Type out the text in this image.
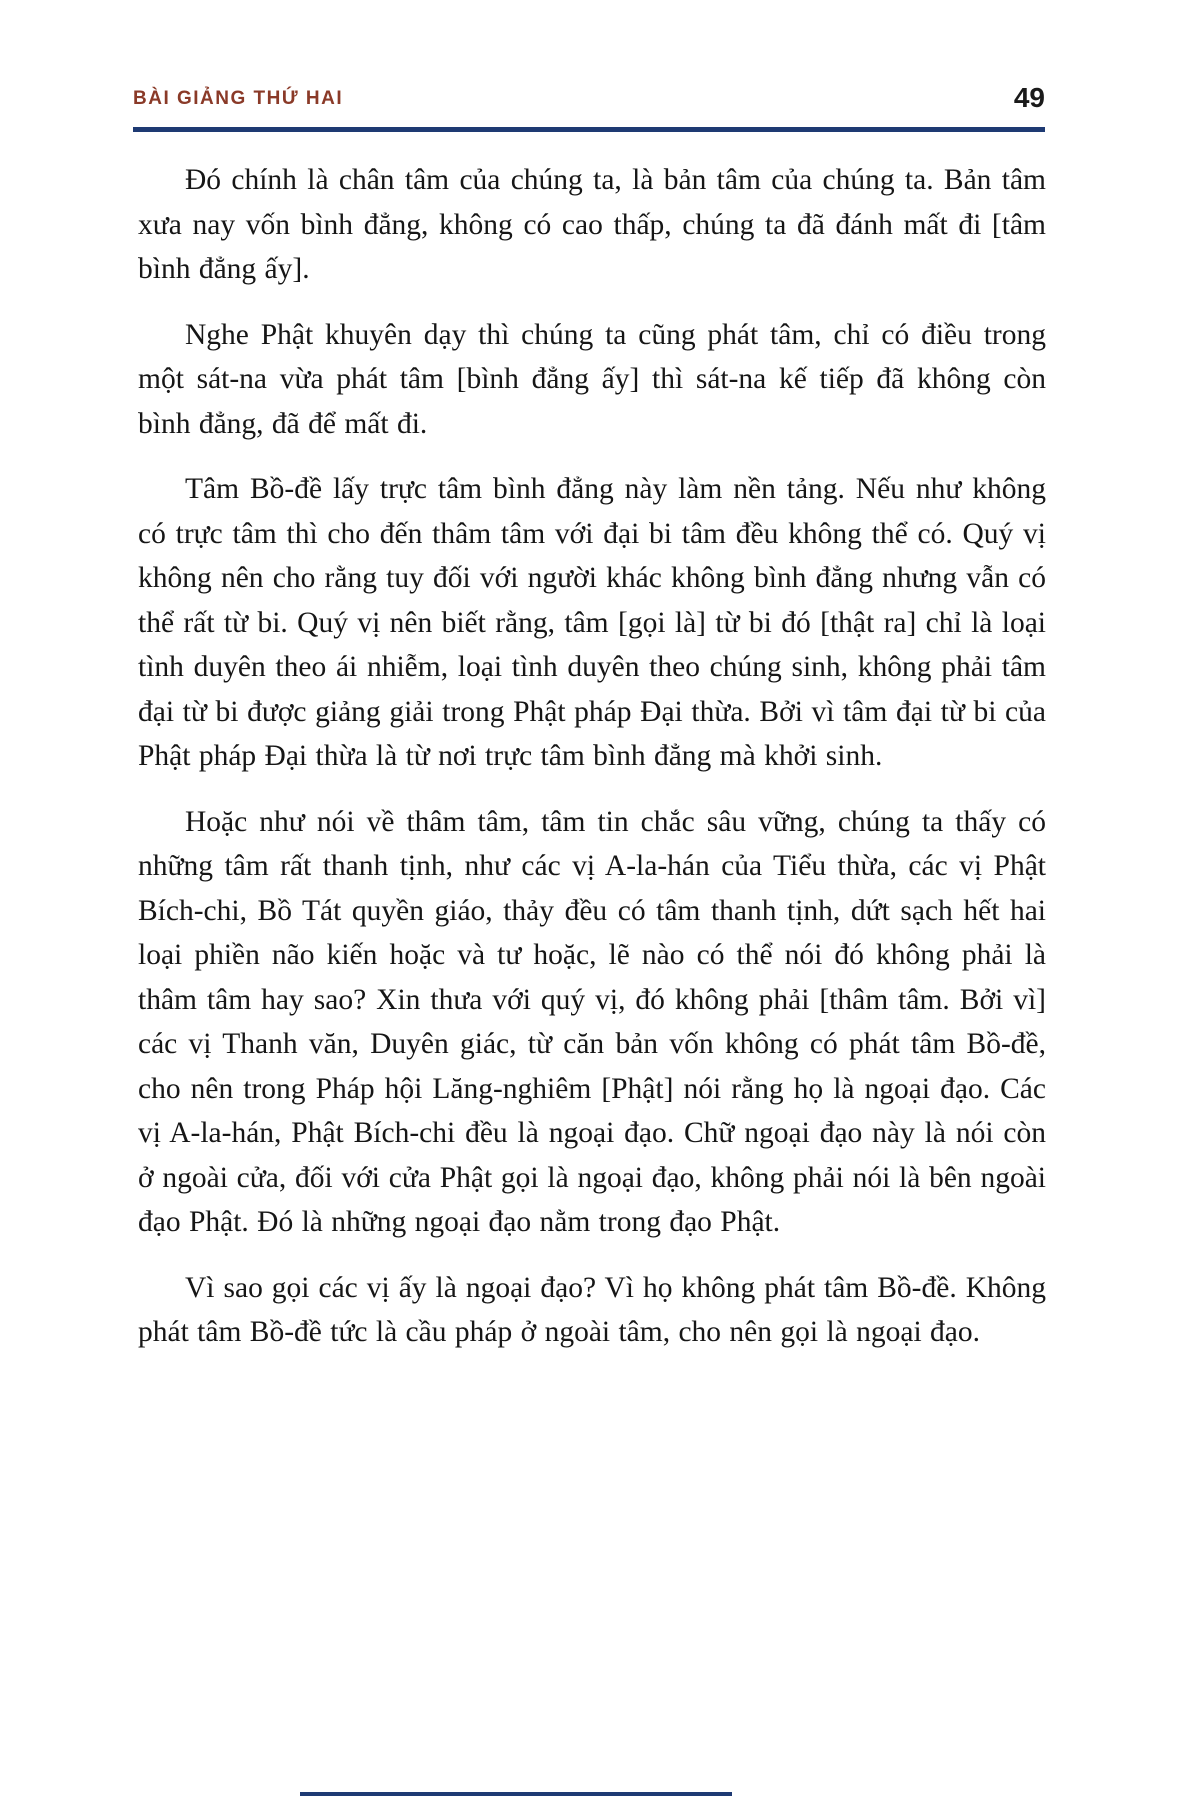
BÀI GIẢNG THỨ HAI	49

Đó chính là chân tâm của chúng ta, là bản tâm của chúng ta. Bản tâm xưa nay vốn bình đẳng, không có cao thấp, chúng ta đã đánh mất đi [tâm bình đẳng ấy].

Nghe Phật khuyên dạy thì chúng ta cũng phát tâm, chỉ có điều trong một sát-na vừa phát tâm [bình đẳng ấy] thì sát-na kế tiếp đã không còn bình đẳng, đã để mất đi.

Tâm Bồ-đề lấy trực tâm bình đẳng này làm nền tảng. Nếu như không có trực tâm thì cho đến thâm tâm với đại bi tâm đều không thể có. Quý vị không nên cho rằng tuy đối với người khác không bình đẳng nhưng vẫn có thể rất từ bi. Quý vị nên biết rằng, tâm [gọi là] từ bi đó [thật ra] chỉ là loại tình duyên theo ái nhiễm, loại tình duyên theo chúng sinh, không phải tâm đại từ bi được giảng giải trong Phật pháp Đại thừa. Bởi vì tâm đại từ bi của Phật pháp Đại thừa là từ nơi trực tâm bình đẳng mà khởi sinh.

Hoặc như nói về thâm tâm, tâm tin chắc sâu vững, chúng ta thấy có những tâm rất thanh tịnh, như các vị A-la-hán của Tiểu thừa, các vị Phật Bích-chi, Bồ Tát quyền giáo, thảy đều có tâm thanh tịnh, dứt sạch hết hai loại phiền não kiến hoặc và tư hoặc, lẽ nào có thể nói đó không phải là thâm tâm hay sao? Xin thưa với quý vị, đó không phải [thâm tâm. Bởi vì] các vị Thanh văn, Duyên giác, từ căn bản vốn không có phát tâm Bồ-đề, cho nên trong Pháp hội Lăng-nghiêm [Phật] nói rằng họ là ngoại đạo. Các vị A-la-hán, Phật Bích-chi đều là ngoại đạo. Chữ ngoại đạo này là nói còn ở ngoài cửa, đối với cửa Phật gọi là ngoại đạo, không phải nói là bên ngoài đạo Phật. Đó là những ngoại đạo nằm trong đạo Phật.

Vì sao gọi các vị ấy là ngoại đạo? Vì họ không phát tâm Bồ-đề. Không phát tâm Bồ-đề tức là cầu pháp ở ngoài tâm, cho nên gọi là ngoại đạo.
